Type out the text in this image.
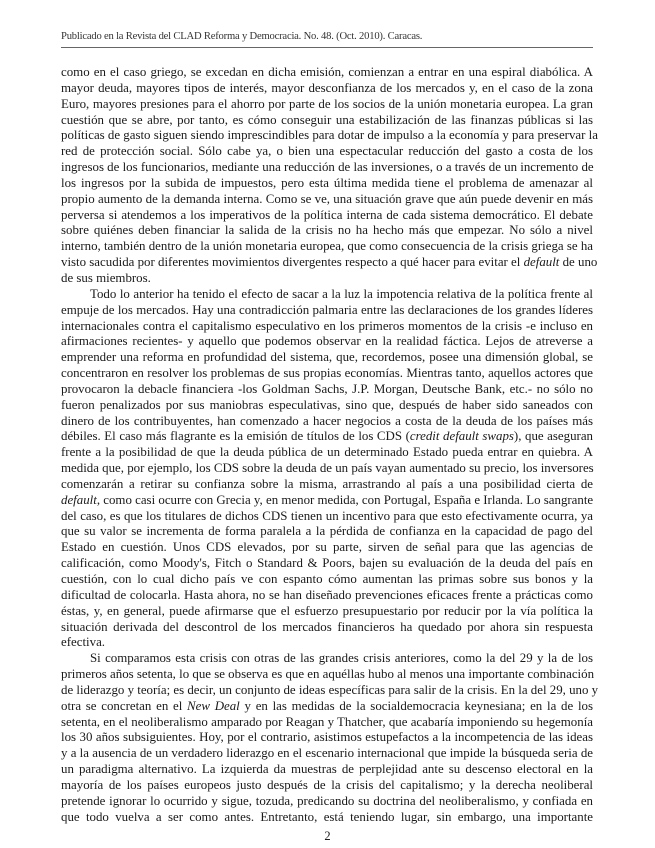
Publicado en la Revista del CLAD Reforma y Democracia. No. 48. (Oct. 2010). Caracas.
como en el caso griego, se excedan en dicha emisión, comienzan a entrar en una espiral diabólica. A
mayor deuda, mayores tipos de interés, mayor desconfianza de los mercados y, en el caso de la zona
Euro, mayores presiones para el ahorro por parte de los socios de la unión monetaria europea. La gran
cuestión que se abre, por tanto, es cómo conseguir una estabilización de las finanzas públicas si las
políticas de gasto siguen siendo imprescindibles para dotar de impulso a la economía y para preservar la
red de protección social. Sólo cabe ya, o bien una espectacular reducción del gasto a costa de los
ingresos de los funcionarios, mediante una reducción de las inversiones, o a través de un incremento de
los ingresos por la subida de impuestos, pero esta última medida tiene el problema de amenazar al
propio aumento de la demanda interna. Como se ve, una situación grave que aún puede devenir en más
perversa si atendemos a los imperativos de la política interna de cada sistema democrático. El debate
sobre quiénes deben financiar la salida de la crisis no ha hecho más que empezar. No sólo a nivel
interno, también dentro de la unión monetaria europea, que como consecuencia de la crisis griega se ha
visto sacudida por diferentes movimientos divergentes respecto a qué hacer para evitar el default de uno
de sus miembros.
Todo lo anterior ha tenido el efecto de sacar a la luz la impotencia relativa de la política frente al
empuje de los mercados. Hay una contradicción palmaria entre las declaraciones de los grandes líderes
internacionales contra el capitalismo especulativo en los primeros momentos de la crisis -e incluso en
afirmaciones recientes- y aquello que podemos observar en la realidad fáctica. Lejos de atreverse a
emprender una reforma en profundidad del sistema, que, recordemos, posee una dimensión global, se
concentraron en resolver los problemas de sus propias economías. Mientras tanto, aquellos actores que
provocaron la debacle financiera -los Goldman Sachs, J.P. Morgan, Deutsche Bank, etc.- no sólo no
fueron penalizados por sus maniobras especulativas, sino que, después de haber sido saneados con
dinero de los contribuyentes, han comenzado a hacer negocios a costa de la deuda de los países más
débiles. El caso más flagrante es la emisión de títulos de los CDS (credit default swaps), que aseguran
frente a la posibilidad de que la deuda pública de un determinado Estado pueda entrar en quiebra. A
medida que, por ejemplo, los CDS sobre la deuda de un país vayan aumentado su precio, los inversores
comenzarán a retirar su confianza sobre la misma, arrastrando al país a una posibilidad cierta de
default, como casi ocurre con Grecia y, en menor medida, con Portugal, España e Irlanda. Lo sangrante
del caso, es que los titulares de dichos CDS tienen un incentivo para que esto efectivamente ocurra, ya
que su valor se incrementa de forma paralela a la pérdida de confianza en la capacidad de pago del
Estado en cuestión. Unos CDS elevados, por su parte, sirven de señal para que las agencias de
calificación, como Moody's, Fitch o Standard & Poors, bajen su evaluación de la deuda del país en
cuestión, con lo cual dicho país ve con espanto cómo aumentan las primas sobre sus bonos y la
dificultad de colocarla. Hasta ahora, no se han diseñado prevenciones eficaces frente a prácticas como
éstas, y, en general, puede afirmarse que el esfuerzo presupuestario por reducir por la vía política la
situación derivada del descontrol de los mercados financieros ha quedado por ahora sin respuesta
efectiva.
Si comparamos esta crisis con otras de las grandes crisis anteriores, como la del 29 y la de los
primeros años setenta, lo que se observa es que en aquéllas hubo al menos una importante combinación
de liderazgo y teoría; es decir, un conjunto de ideas específicas para salir de la crisis. En la del 29, uno y
otra se concretan en el New Deal y en las medidas de la socialdemocracia keynesiana; en la de los
setenta, en el neoliberalismo amparado por Reagan y Thatcher, que acabaría imponiendo su hegemonía
los 30 años subsiguientes. Hoy, por el contrario, asistimos estupefactos a la incompetencia de las ideas
y a la ausencia de un verdadero liderazgo en el escenario internacional que impide la búsqueda seria de
un paradigma alternativo. La izquierda da muestras de perplejidad ante su descenso electoral en la
mayoría de los países europeos justo después de la crisis del capitalismo; y la derecha neoliberal
pretende ignorar lo ocurrido y sigue, tozuda, predicando su doctrina del neoliberalismo, y confiada en
que todo vuelva a ser como antes. Entretanto, está teniendo lugar, sin embargo, una importante
2
